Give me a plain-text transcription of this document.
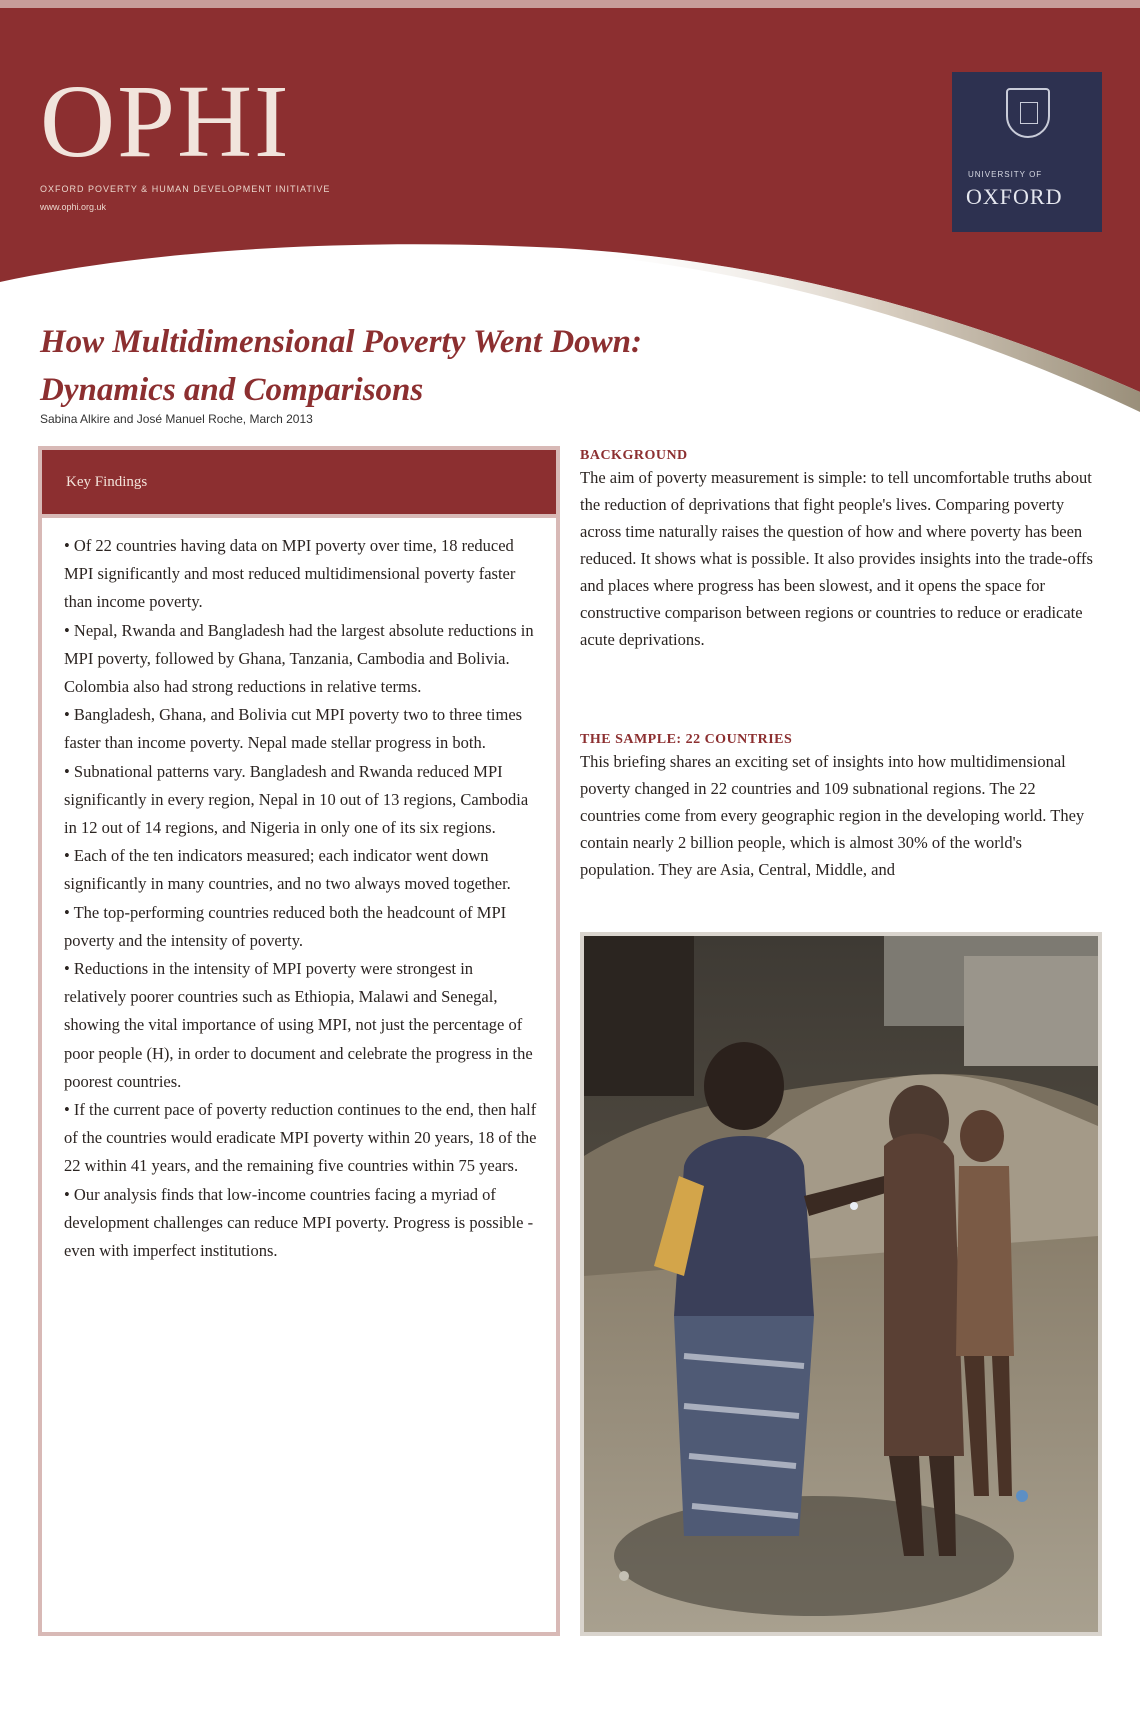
OPHI
OXFORD POVERTY & HUMAN DEVELOPMENT INITIATIVE
www.ophi.org.uk
UNIVERSITY OF
OXFORD
How Multidimensional Poverty Went Down: Dynamics and Comparisons
Sabina Alkire and José Manuel Roche, March 2013
Key Findings
• Of 22 countries having data on MPI poverty over time, 18 reduced MPI significantly and most reduced multidimensional poverty faster than income poverty.
• Nepal, Rwanda and Bangladesh had the largest absolute reductions in MPI poverty, followed by Ghana, Tanzania, Cambodia and Bolivia. Colombia also had strong reductions in relative terms.
• Bangladesh, Ghana, and Bolivia cut MPI poverty two to three times faster than income poverty. Nepal made stellar progress in both.
• Subnational patterns vary. Bangladesh and Rwanda reduced MPI significantly in every region, Nepal in 10 out of 13 regions, Cambodia in 12 out of 14 regions, and Nigeria in only one of its six regions.
• Each of the ten indicators measured; each indicator went down significantly in many countries, and no two always moved together.
• The top-performing countries reduced both the headcount of MPI poverty and the intensity of poverty.
• Reductions in the intensity of MPI poverty were strongest in relatively poorer countries such as Ethiopia, Malawi and Senegal, showing the vital importance of using MPI, not just the percentage of poor people (H), in order to document and celebrate the progress in the poorest countries.
• If the current pace of poverty reduction continues to the end, then half of the countries would eradicate MPI poverty within 20 years, 18 of the 22 within 41 years, and the remaining five countries within 75 years.
• Our analysis finds that low-income countries facing a myriad of development challenges can reduce MPI poverty. Progress is possible - even with imperfect institutions.
BACKGROUND

The aim of poverty measurement is simple: to tell uncomfortable truths about the reduction of deprivations that fight people's lives. Comparing poverty across time naturally raises the question of how and where poverty has been reduced. It shows what is possible. It also provides insights into the trade-offs and places where progress has been slowest, and it opens the space for constructive comparison between regions or countries to reduce or eradicate acute deprivations.

THE SAMPLE: 22 COUNTRIES

This briefing shares an exciting set of insights into how multidimensional poverty changed in 22 countries and 109 subnational regions. The 22 countries come from every geographic region in the developing world. They contain nearly 2 billion people, which is almost 30% of the world's population. They are Asia, Central, Middle, and
